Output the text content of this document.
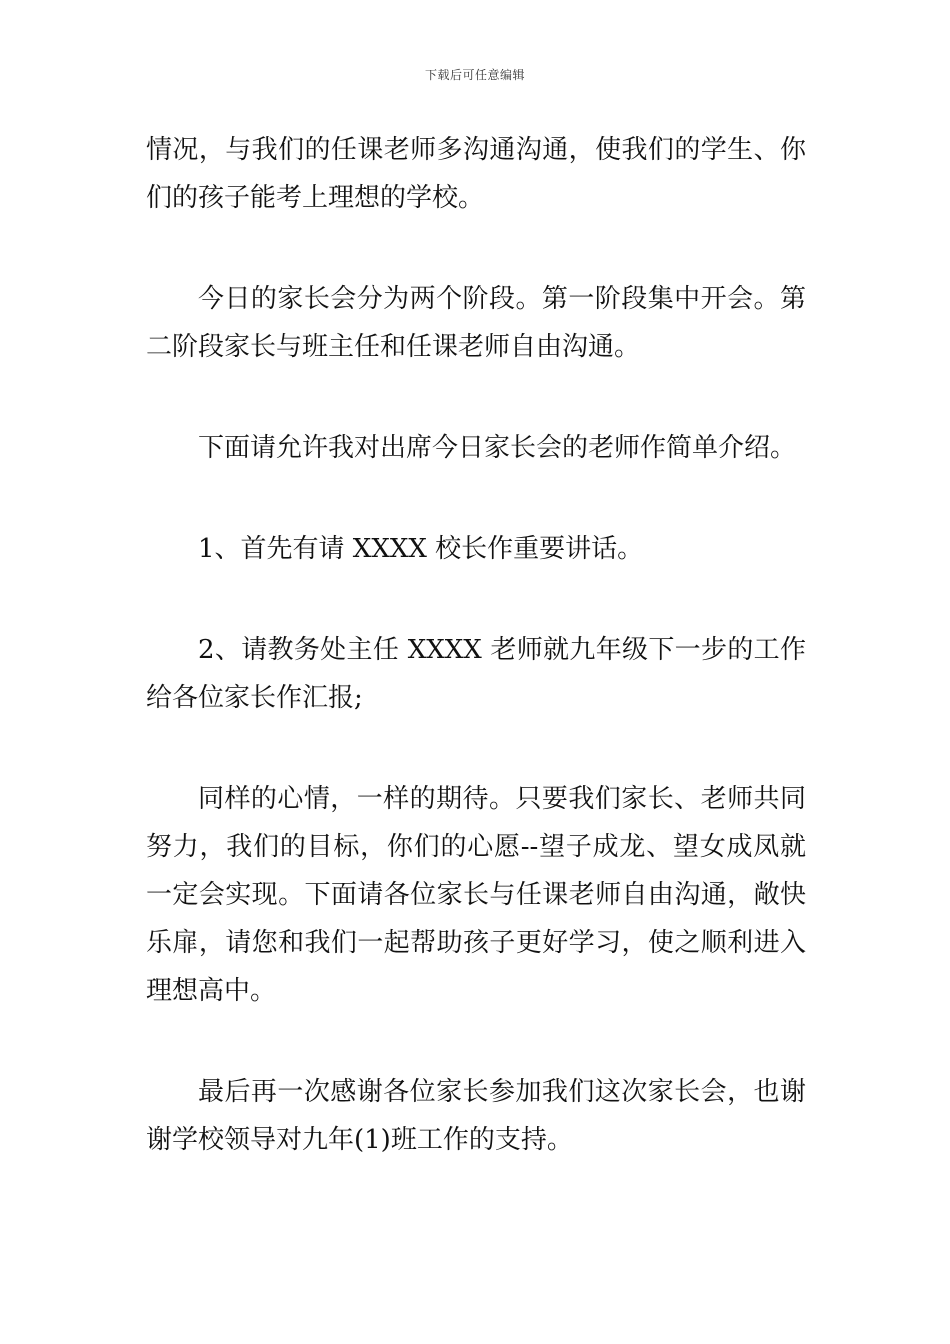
下载后可任意编辑

情况，与我们的任课老师多沟通沟通，使我们的学生、你们的孩子能考上理想的学校。

今日的家长会分为两个阶段。第一阶段集中开会。第二阶段家长与班主任和任课老师自由沟通。

下面请允许我对出席今日家长会的老师作简单介绍。

1、首先有请 XXXX 校长作重要讲话。

2、请教务处主任 XXXX 老师就九年级下一步的工作给各位家长作汇报;

同样的心情，一样的期待。只要我们家长、老师共同努力，我们的目标，你们的心愿--望子成龙、望女成凤就一定会实现。下面请各位家长与任课老师自由沟通，敞快乐扉，请您和我们一起帮助孩子更好学习，使之顺利进入理想高中。

最后再一次感谢各位家长参加我们这次家长会，也谢谢学校领导对九年(1)班工作的支持。
